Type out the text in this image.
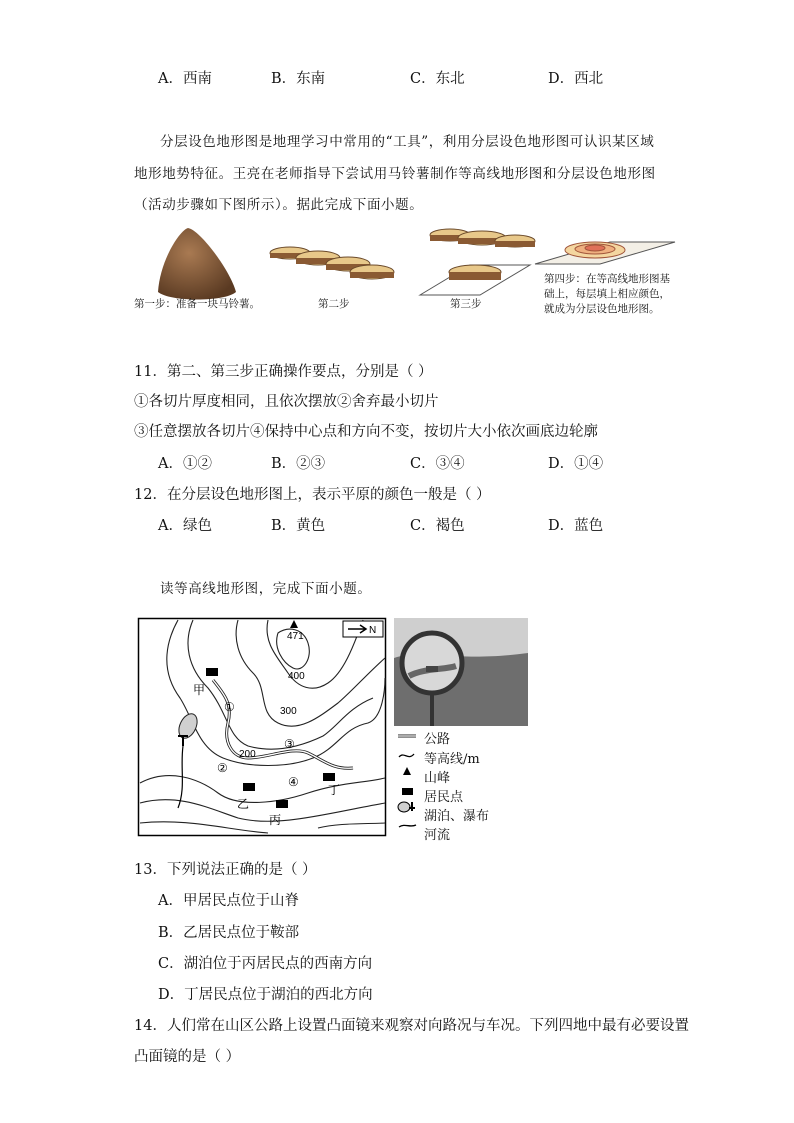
A．西南	B．东南	C．东北	D．西北
分层设色地形图是地理学习中常用的“工具”，利用分层设色地形图可认识某区域
地形地势特征。王亮在老师指导下尝试用马铃薯制作等高线地形图和分层设色地形图
（活动步骤如下图所示）。据此完成下面小题。
第一步：准备一块马铃薯。	第二步	第三步
第四步：在等高线地形图基
础上，每层填上相应颜色，
就成为分层设色地形图。
11．第二、第三步正确操作要点，分别是（ ）
①各切片厚度相同，且依次摆放②舍弃最小切片
③任意摆放各切片④保持中心点和方向不变，按切片大小依次画底边轮廓
A．①②	B．②③	C．③④	D．①④
12．在分层设色地形图上，表示平原的颜色一般是（ ）
A．绿色	B．黄色	C．褐色	D．蓝色
读等高线地形图，完成下面小题。
471
N
400
300
200
①
②
③
④
甲
乙
丙
丁
公路
等高线/m
山峰
居民点
湖泊、瀑布
河流
13．下列说法正确的是（ ）
A．甲居民点位于山脊
B．乙居民点位于鞍部
C．湖泊位于丙居民点的西南方向
D．丁居民点位于湖泊的西北方向
14．人们常在山区公路上设置凸面镜来观察对向路况与车况。下列四地中最有必要设置
凸面镜的是（ ）
